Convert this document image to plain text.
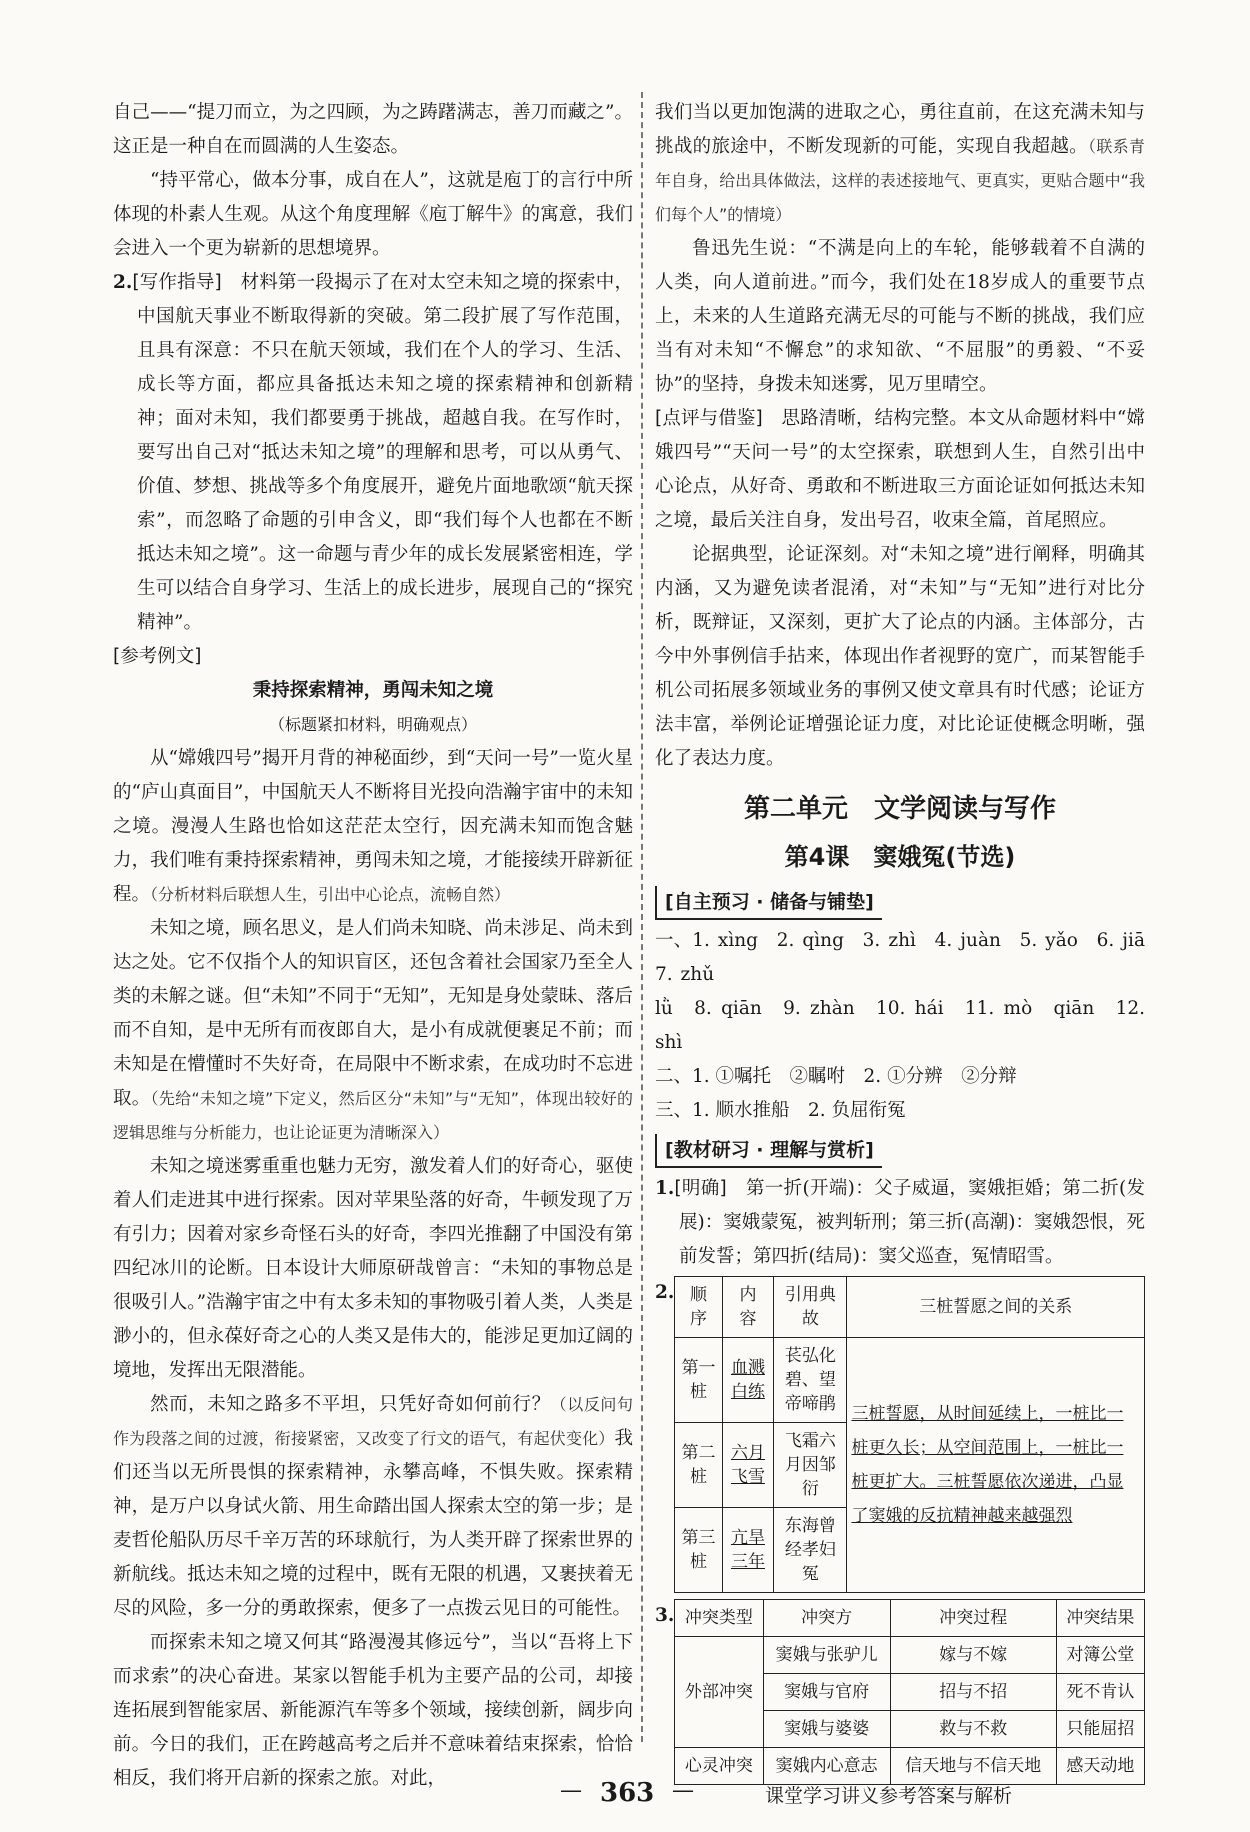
自己——“提刀而立，为之四顾，为之踌躇满志，善刀而藏之”。这正是一种自在而圆满的人生姿态。

“持平常心，做本分事，成自在人”，这就是庖丁的言行中所体现的朴素人生观。从这个角度理解《庖丁解牛》的寓意，我们会进入一个更为崭新的思想境界。

2.[写作指导]　 材料第一段揭示了在对太空未知之境的探索中，中国航天事业不断取得新的突破。第二段扩展了写作范围，且具有深意：不只在航天领域，我们在个人的学习、生活、成长等方面，都应具备抵达未知之境的探索精神和创新精神；面对未知，我们都要勇于挑战，超越自我。在写作时，要写出自己对“抵达未知之境”的理解和思考，可以从勇气、价值、梦想、挑战等多个角度展开，避免片面地歌颂“航天探索”，而忽略了命题的引申含义，即“我们每个人也都在不断抵达未知之境”。这一命题与青少年的成长发展紧密相连，学生可以结合自身学习、生活上的成长进步，展现自己的“探究精神”。

[参考例文]

秉持探索精神，勇闯未知之境

（标题紧扣材料，明确观点）

从“嫦娥四号”揭开月背的神秘面纱，到“天问一号”一览火星的“庐山真面目”，中国航天人不断将目光投向浩瀚宇宙中的未知之境。漫漫人生路也恰如这茫茫太空行，因充满未知而饱含魅力，我们唯有秉持探索精神，勇闯未知之境，才能接续开辟新征程。（分析材料后联想人生，引出中心论点，流畅自然）

未知之境，顾名思义，是人们尚未知晓、尚未涉足、尚未到达之处。它不仅指个人的知识盲区，还包含着社会国家乃至全人类的未解之谜。但“未知”不同于“无知”，无知是身处蒙昧、落后而不自知，是中无所有而夜郎自大，是小有成就便裹足不前；而未知是在懵懂时不失好奇，在局限中不断求索，在成功时不忘进取。（先给“未知之境”下定义，然后区分“未知”与“无知”，体现出较好的逻辑思维与分析能力，也让论证更为清晰深入）

未知之境迷雾重重也魅力无穷，激发着人们的好奇心，驱使着人们走进其中进行探索。因对苹果坠落的好奇，牛顿发现了万有引力；因着对家乡奇怪石头的好奇，李四光推翻了中国没有第四纪冰川的论断。日本设计大师原研哉曾言：“未知的事物总是很吸引人。”浩瀚宇宙之中有太多未知的事物吸引着人类，人类是渺小的，但永葆好奇之心的人类又是伟大的，能涉足更加辽阔的境地，发挥出无限潜能。

然而，未知之路多不平坦，只凭好奇如何前行？（以反问句作为段落之间的过渡，衔接紧密，又改变了行文的语气，有起伏变化）我们还当以无所畏惧的探索精神，永攀高峰，不惧失败。探索精神，是万户以身试火箭、用生命踏出国人探索太空的第一步；是麦哲伦船队历尽千辛万苦的环球航行，为人类开辟了探索世界的新航线。抵达未知之境的过程中，既有无限的机遇，又裹挟着无尽的风险，多一分的勇敢探索，便多了一点拨云见日的可能性。

而探索未知之境又何其“路漫漫其修远兮”，当以“吾将上下而求索”的决心奋进。某家以智能手机为主要产品的公司，却接连拓展到智能家居、新能源汽车等多个领域，接续创新，阔步向前。今日的我们，正在跨越高考之后并不意味着结束探索，恰恰相反，我们将开启新的探索之旅。对此，

我们当以更加饱满的进取之心，勇往直前，在这充满未知与挑战的旅途中，不断发现新的可能，实现自我超越。（联系青年自身，给出具体做法，这样的表述接地气、更真实，更贴合题中“我们每个人”的情境）

鲁迅先生说：“不满是向上的车轮，能够载着不自满的人类，向人道前进。”而今，我们处在18岁成人的重要节点上，未来的人生道路充满无尽的可能与不断的挑战，我们应当有对未知“不懈怠”的求知欲、“不屈服”的勇毅、“不妥协”的坚持，身拨未知迷雾，见万里晴空。

[点评与借鉴]　 思路清晰，结构完整。本文从命题材料中“嫦娥四号”“天问一号”的太空探索，联想到人生，自然引出中心论点，从好奇、勇敢和不断进取三方面论证如何抵达未知之境，最后关注自身，发出号召，收束全篇，首尾照应。

论据典型，论证深刻。对“未知之境”进行阐释，明确其内涵，又为避免读者混淆，对“未知”与“无知”进行对比分析，既辩证，又深刻，更扩大了论点的内涵。主体部分，古今中外事例信手拈来，体现出作者视野的宽广，而某智能手机公司拓展多领域业务的事例又使文章具有时代感；论证方法丰富，举例论证增强论证力度，对比论证使概念明晰，强化了表达力度。

第二单元　文学阅读与写作
第4课　窦娥冤(节选)
[ 自主预习 · 储备与铺垫 ]

一、1. xìng　2. qìng　3. zhì　4. juàn　5. yǎo　6. jiā　7. zhǔ

lǜ　8. qiān　9. zhàn　10. hái　11. mò　qiān　12. shì

二、1. ①嘱托　②瞩咐　2. ①分辨　②分辩

三、1. 顺水推船　2. 负屈衔冤

[ 教材研习 · 理解与赏析 ]

1.[明确]　 第一折(开端)：父子威逼，窦娥拒婚；第二折(发展)：窦娥蒙冤，被判斩刑；第三折(高潮)：窦娥怨恨，死前发誓；第四折(结局)：窦父巡查，冤情昭雪。

2. 顺　序	内　容	引用典故	三桩誓愿之间的关系
第一桩	血溅白练	苌弘化碧、望帝啼鹃	三桩誓愿，从时间延续上，一桩比一桩更久长；从空间范围上，一桩比一桩更扩大。三桩誓愿依次递进，凸显了窦娥的反抗精神越来越强烈
第二桩	六月飞雪	飞霜六月因邹衍	
第三桩	亢旱三年	东海曾经孝妇冤	
3. 冲突类型	冲突方	冲突过程	冲突结果
外部冲突	窦娥与张驴儿	嫁与不嫁	对簿公堂
	窦娥与官府	招与不招	死不肯认
	窦娥与婆婆	救与不救	只能屈招
心灵冲突	窦娥内心意志	信天地与不信天地	感天动地
— 363 —	课堂学习讲义参考答案与解析
